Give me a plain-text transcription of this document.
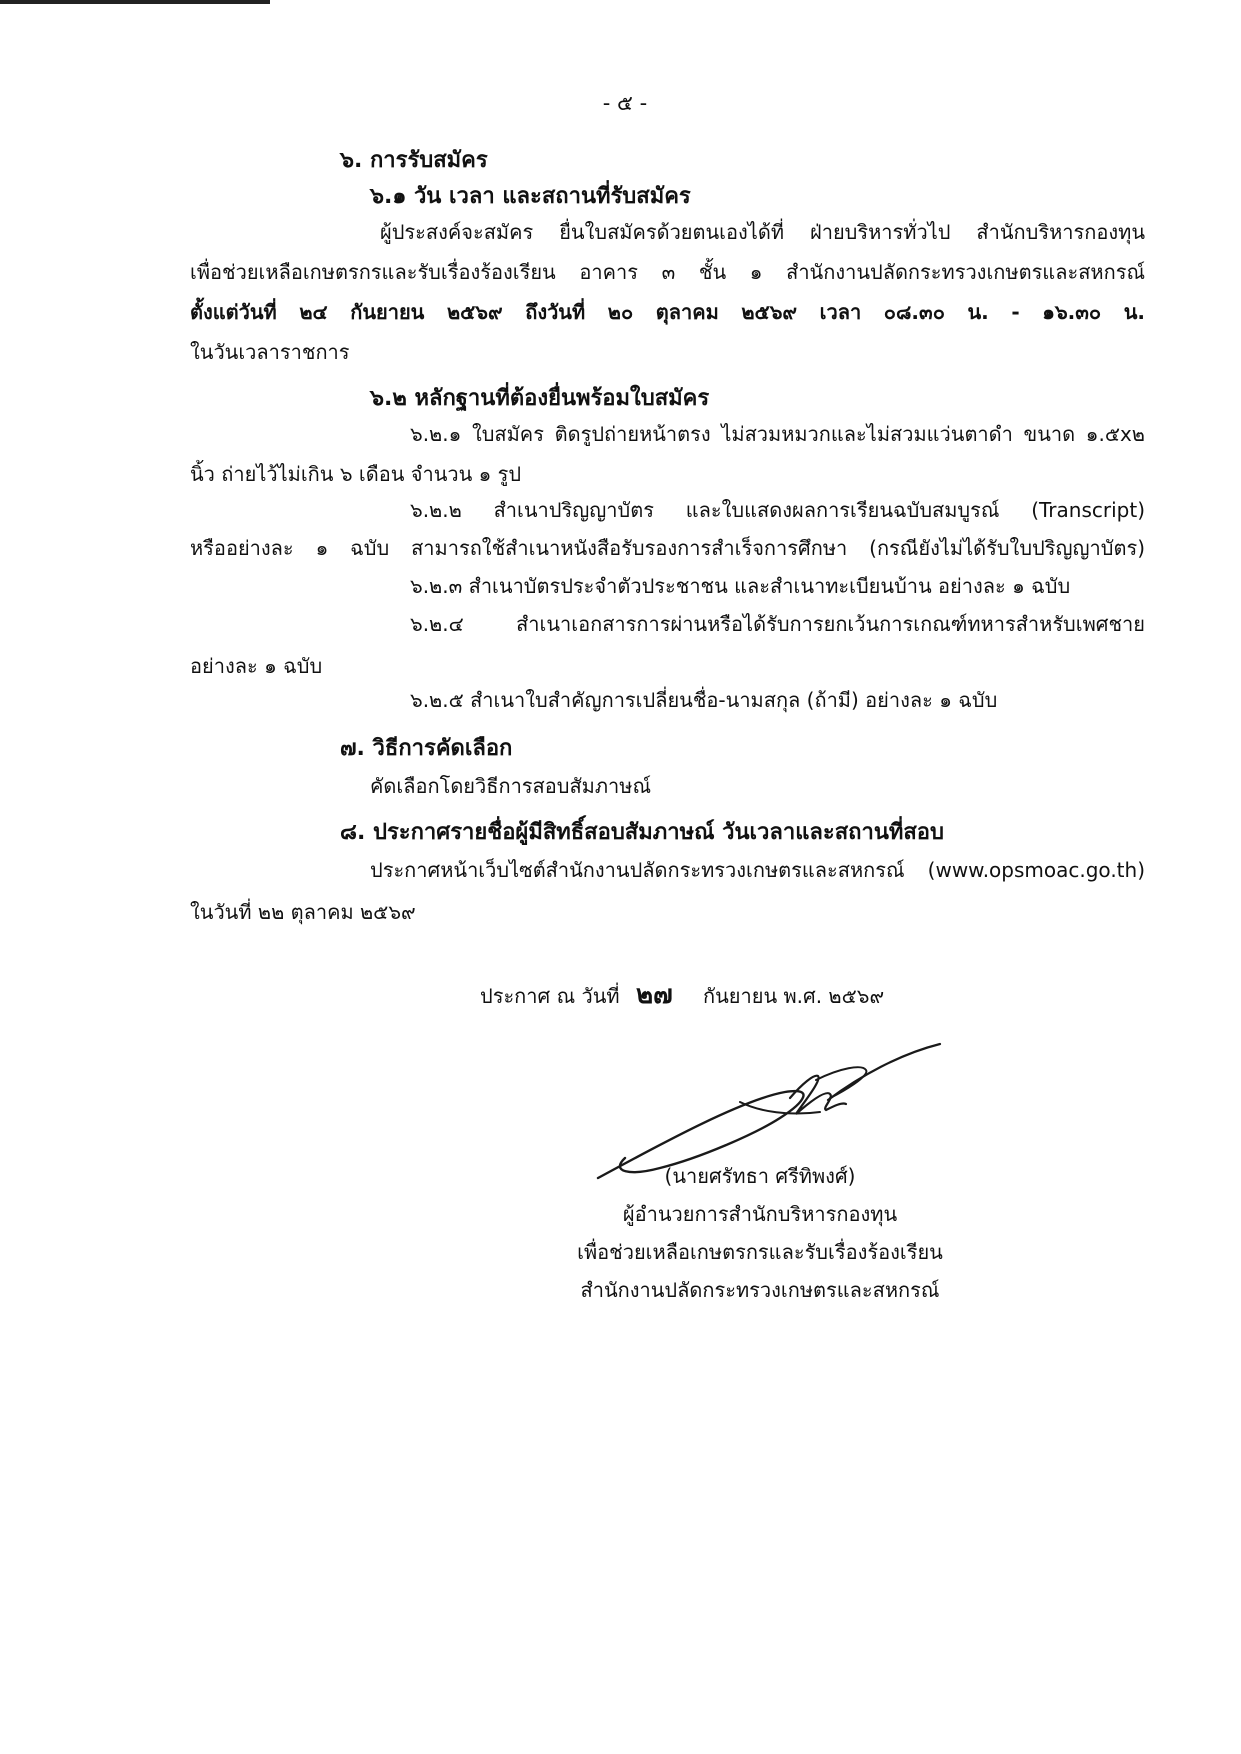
- ๕ -
๖. การรับสมัคร
๖.๑ วัน เวลา และสถานที่รับสมัคร
ผู้ประสงค์จะสมัคร ยื่นใบสมัครด้วยตนเองได้ที่ ฝ่ายบริหารทั่วไป สำนักบริหารกองทุน
เพื่อช่วยเหลือเกษตรกรและรับเรื่องร้องเรียน อาคาร ๓ ชั้น ๑ สำนักงานปลัดกระทรวงเกษตรและสหกรณ์
ตั้งแต่วันที่ ๒๔ กันยายน ๒๕๖๙ ถึงวันที่ ๒๐ ตุลาคม ๒๕๖๙ เวลา ๐๘.๓๐ น. - ๑๖.๓๐ น.
ในวันเวลาราชการ
๖.๒ หลักฐานที่ต้องยื่นพร้อมใบสมัคร
๖.๒.๑ ใบสมัคร ติดรูปถ่ายหน้าตรง ไม่สวมหมวกและไม่สวมแว่นตาดำ ขนาด ๑.๕x๒
นิ้ว ถ่ายไว้ไม่เกิน ๖ เดือน จำนวน ๑ รูป
๖.๒.๒ สำเนาปริญญาบัตร และใบแสดงผลการเรียนฉบับสมบูรณ์ (Transcript)
หรืออย่างละ ๑ ฉบับ สามารถใช้สำเนาหนังสือรับรองการสำเร็จการศึกษา (กรณียังไม่ได้รับใบปริญญาบัตร)
๖.๒.๓ สำเนาบัตรประจำตัวประชาชน และสำเนาทะเบียนบ้าน อย่างละ ๑ ฉบับ
๖.๒.๔ สำเนาเอกสารการผ่านหรือได้รับการยกเว้นการเกณฑ์ทหารสำหรับเพศชาย
อย่างละ ๑ ฉบับ
๖.๒.๕ สำเนาใบสำคัญการเปลี่ยนชื่อ-นามสกุล (ถ้ามี) อย่างละ ๑ ฉบับ
๗. วิธีการคัดเลือก
คัดเลือกโดยวิธีการสอบสัมภาษณ์
๘. ประกาศรายชื่อผู้มีสิทธิ์สอบสัมภาษณ์ วันเวลาและสถานที่สอบ
ประกาศหน้าเว็บไซต์สำนักงานปลัดกระทรวงเกษตรและสหกรณ์ (www.opsmoac.go.th)
ในวันที่ ๒๒ ตุลาคม ๒๕๖๙
ประกาศ ณ วันที่ ๒๗ กันยายน พ.ศ. ๒๕๖๙
(นายศรัทธา ศรีทิพงศ์)
ผู้อำนวยการสำนักบริหารกองทุน
เพื่อช่วยเหลือเกษตรกรและรับเรื่องร้องเรียน
สำนักงานปลัดกระทรวงเกษตรและสหกรณ์
